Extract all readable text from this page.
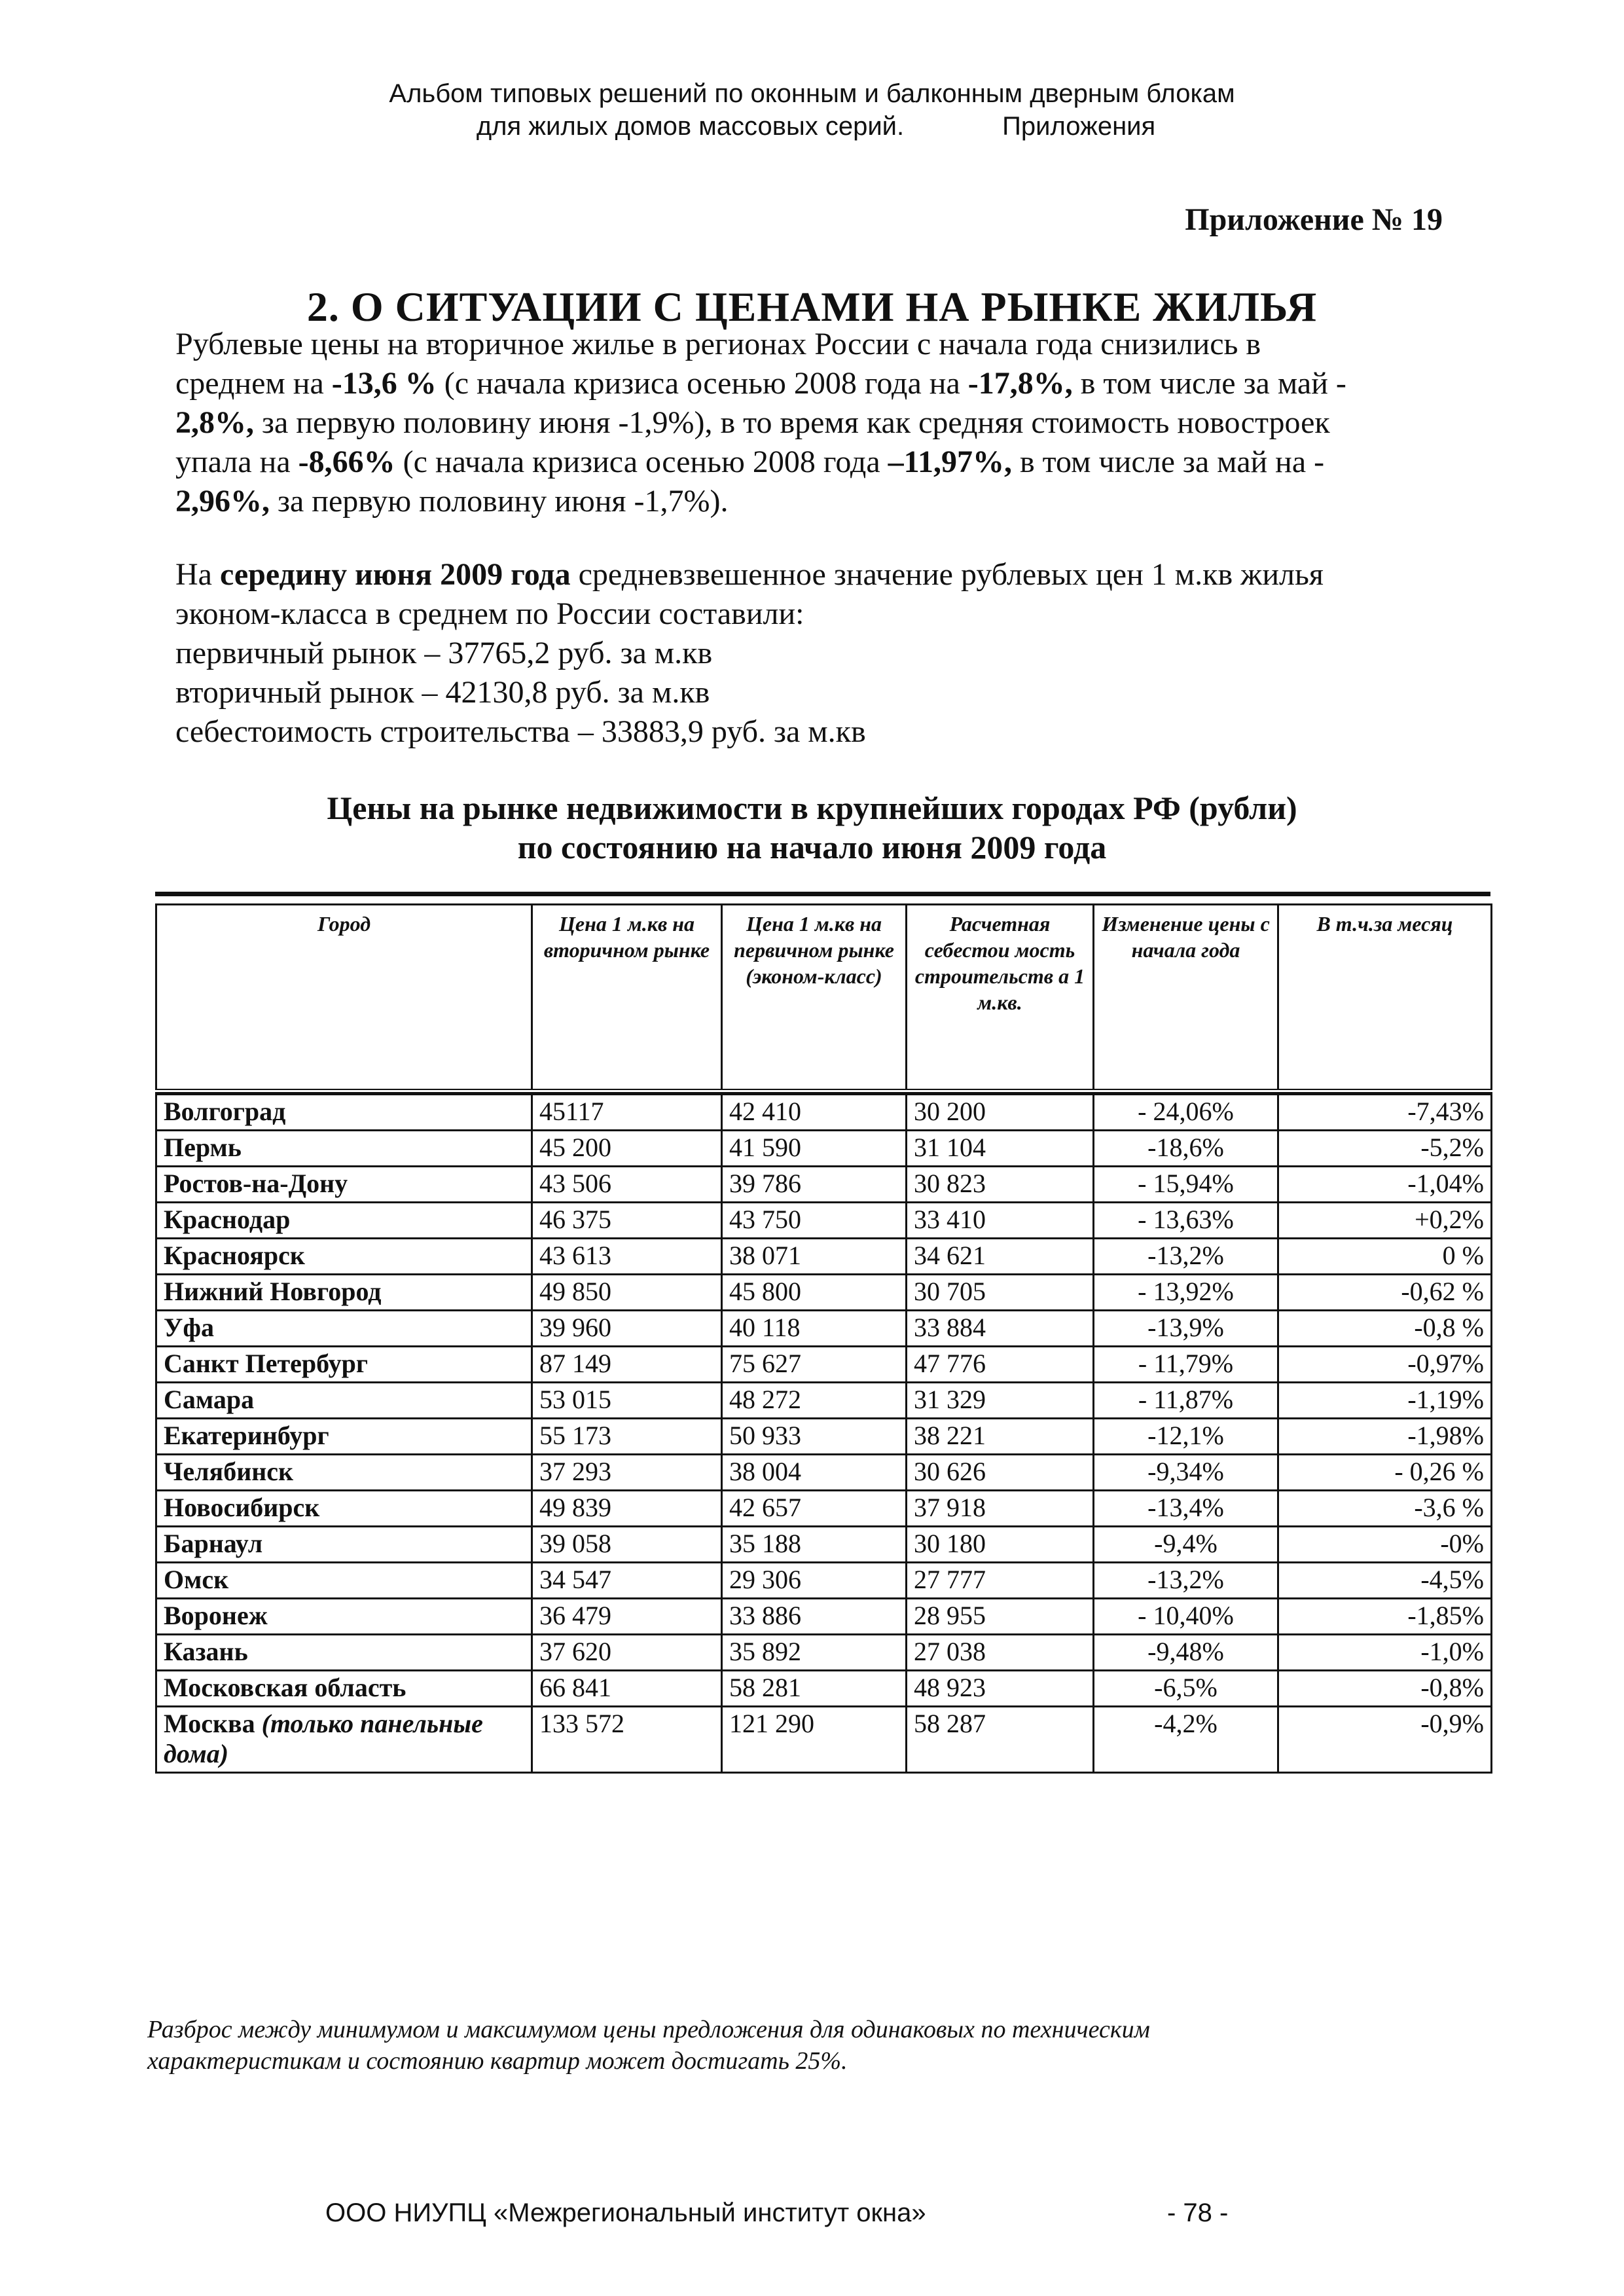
Альбом типовых решений по оконным и балконным дверным блокам
для жилых домов массовых серий.	Приложения
Приложение № 19
2. О СИТУАЦИИ С ЦЕНАМИ НА РЫНКЕ ЖИЛЬЯ

Рублевые цены на вторичное жилье в регионах России с начала года снизились в

среднем на -13,6 % (с начала кризиса осенью 2008 года на -17,8%, в том числе за май -

2,8%, за первую половину июня -1,9%), в то время как средняя стоимость новостроек

упала на -8,66% (с начала кризиса осенью 2008 года –11,97%, в том числе за май на -

2,96%, за первую половину июня -1,7%).

На середину июня 2009 года средневзвешенное значение рублевых цен 1 м.кв жилья

эконом-класса в среднем по России составили:

первичный рынок – 37765,2 руб. за м.кв

вторичный рынок – 42130,8 руб. за м.кв

себестоимость строительства – 33883,9 руб. за м.кв

Цены на рынке недвижимости в крупнейших городах РФ (рубли)

по состоянию на начало июня 2009 года

Город	Цена 1 м.кв на вторичном рынке	Цена 1 м.кв на первичном рынке (эконом-класс)	Расчетная себестои мость строительств а 1 м.кв.	Изменение цены с начала года	В т.ч.за месяц

Волгоград	45117	42 410	30 200	- 24,06%	-7,43%
Пермь	45 200	41 590	31 104	-18,6%	-5,2%
Ростов-на-Дону	43 506	39 786	30 823	- 15,94%	-1,04%
Краснодар	46 375	43 750	33 410	- 13,63%	+0,2%
Красноярск	43 613	38 071	34 621	-13,2%	0 %
Нижний Новгород	49 850	45 800	30 705	- 13,92%	-0,62 %
Уфа	39 960	40 118	33 884	-13,9%	-0,8 %
Санкт Петербург	87 149	75 627	47 776	- 11,79%	-0,97%
Самара	53 015	48 272	31 329	- 11,87%	-1,19%
Екатеринбург	55 173	50 933	38 221	-12,1%	-1,98%
Челябинск	37 293	38 004	30 626	-9,34%	- 0,26 %
Новосибирск	49 839	42 657	37 918	-13,4%	-3,6 %
Барнаул	39 058	35 188	30 180	-9,4%	-0%
Омск	34 547	29 306	27 777	-13,2%	-4,5%
Воронеж	36 479	33 886	28 955	- 10,40%	-1,85%
Казань	37 620	35 892	27 038	-9,48%	-1,0%
Московская область	66 841	58 281	48 923	-6,5%	-0,8%
Москва (только панельные дома)	133 572	121 290	58 287	-4,2%	-0,9%

Разброс между минимумом и максимумом цены предложения для одинаковых по техническим

характеристикам и состоянию квартир может достигать 25%.

ООО НИУПЦ «Межрегиональный институт окна»	- 78 -
